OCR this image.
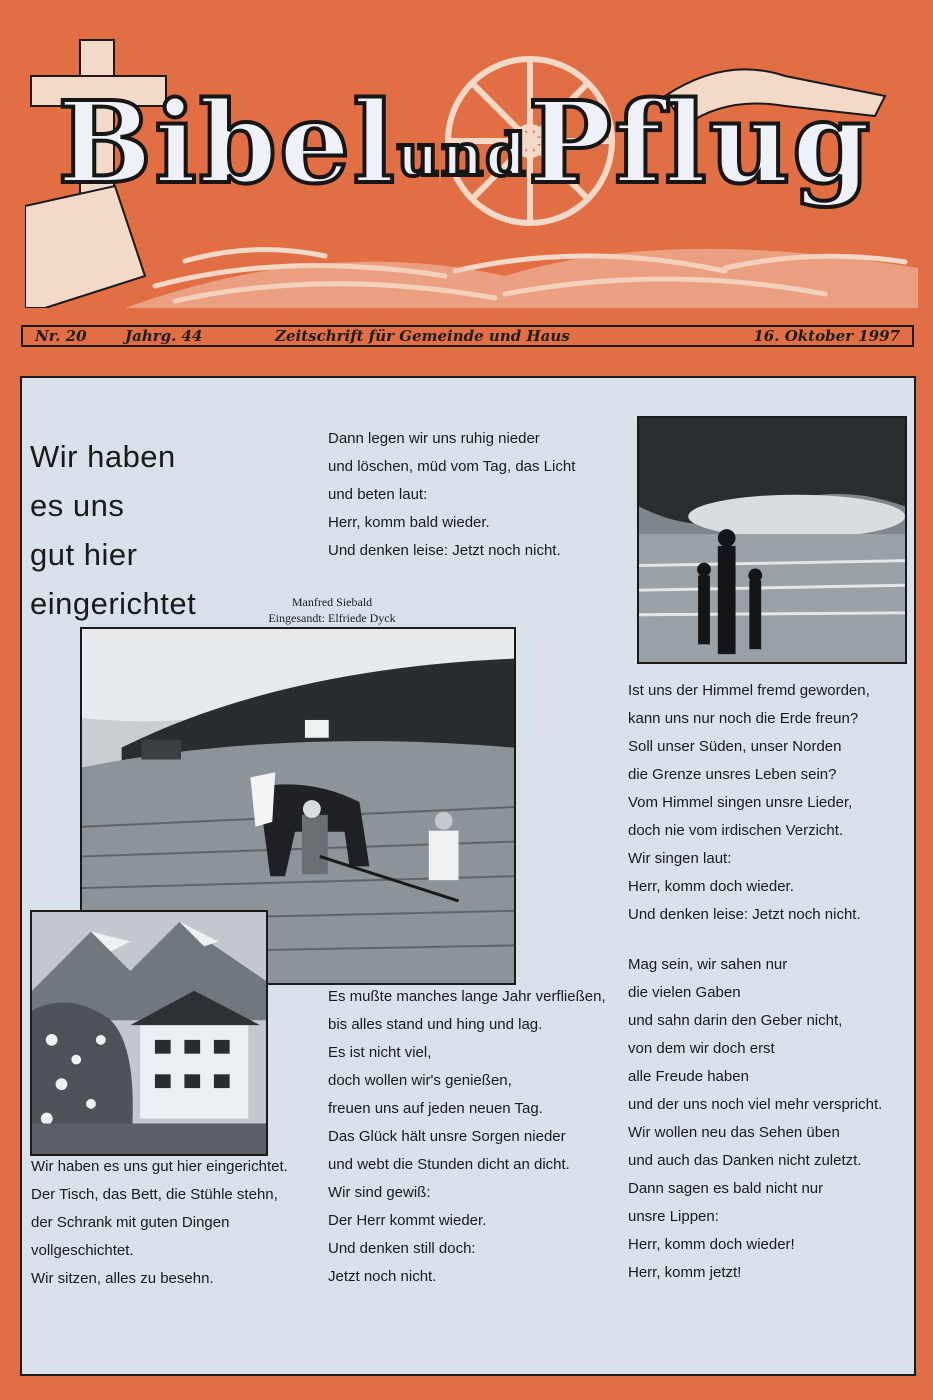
Bibel$^{und}$Pflug
Nr. 20	Jahrg. 44	Zeitschrift für Gemeinde und Haus	16. Oktober 1997
Wir haben
es uns
gut hier
eingerichtet	Manfred Siebald
Eingesandt: Elfriede Dyck
Wir haben es uns gut hier eingerichtet.
Der Tisch, das Bett, die Stühle stehn,
der Schrank mit guten Dingen
vollgeschichtet.
Wir sitzen, alles zu besehn.
Dann legen wir uns ruhig nieder
und löschen, müd vom Tag, das Licht
und beten laut:
Herr, komm bald wieder.
Und denken leise: Jetzt noch nicht.
Es mußte manches lange Jahr verfließen,
bis alles stand und hing und lag.
Es ist nicht viel,
doch wollen wir's genießen,
freuen uns auf jeden neuen Tag.
Das Glück hält unsre Sorgen nieder
und webt die Stunden dicht an dicht.
Wir sind gewiß:
Der Herr kommt wieder.
Und denken still doch:
Jetzt noch nicht.
Ist uns der Himmel fremd geworden,
kann uns nur noch die Erde freun?
Soll unser Süden, unser Norden
die Grenze unsres Leben sein?
Vom Himmel singen unsre Lieder,
doch nie vom irdischen Verzicht.
Wir singen laut:
Herr, komm doch wieder.
Und denken leise: Jetzt noch nicht.
Mag sein, wir sahen nur
die vielen Gaben
und sahn darin den Geber nicht,
von dem wir doch erst
alle Freude haben
und der uns noch viel mehr verspricht.
Wir wollen neu das Sehen üben
und auch das Danken nicht zuletzt.
Dann sagen es bald nicht nur
unsre Lippen:
Herr, komm doch wieder!
Herr, komm jetzt!
